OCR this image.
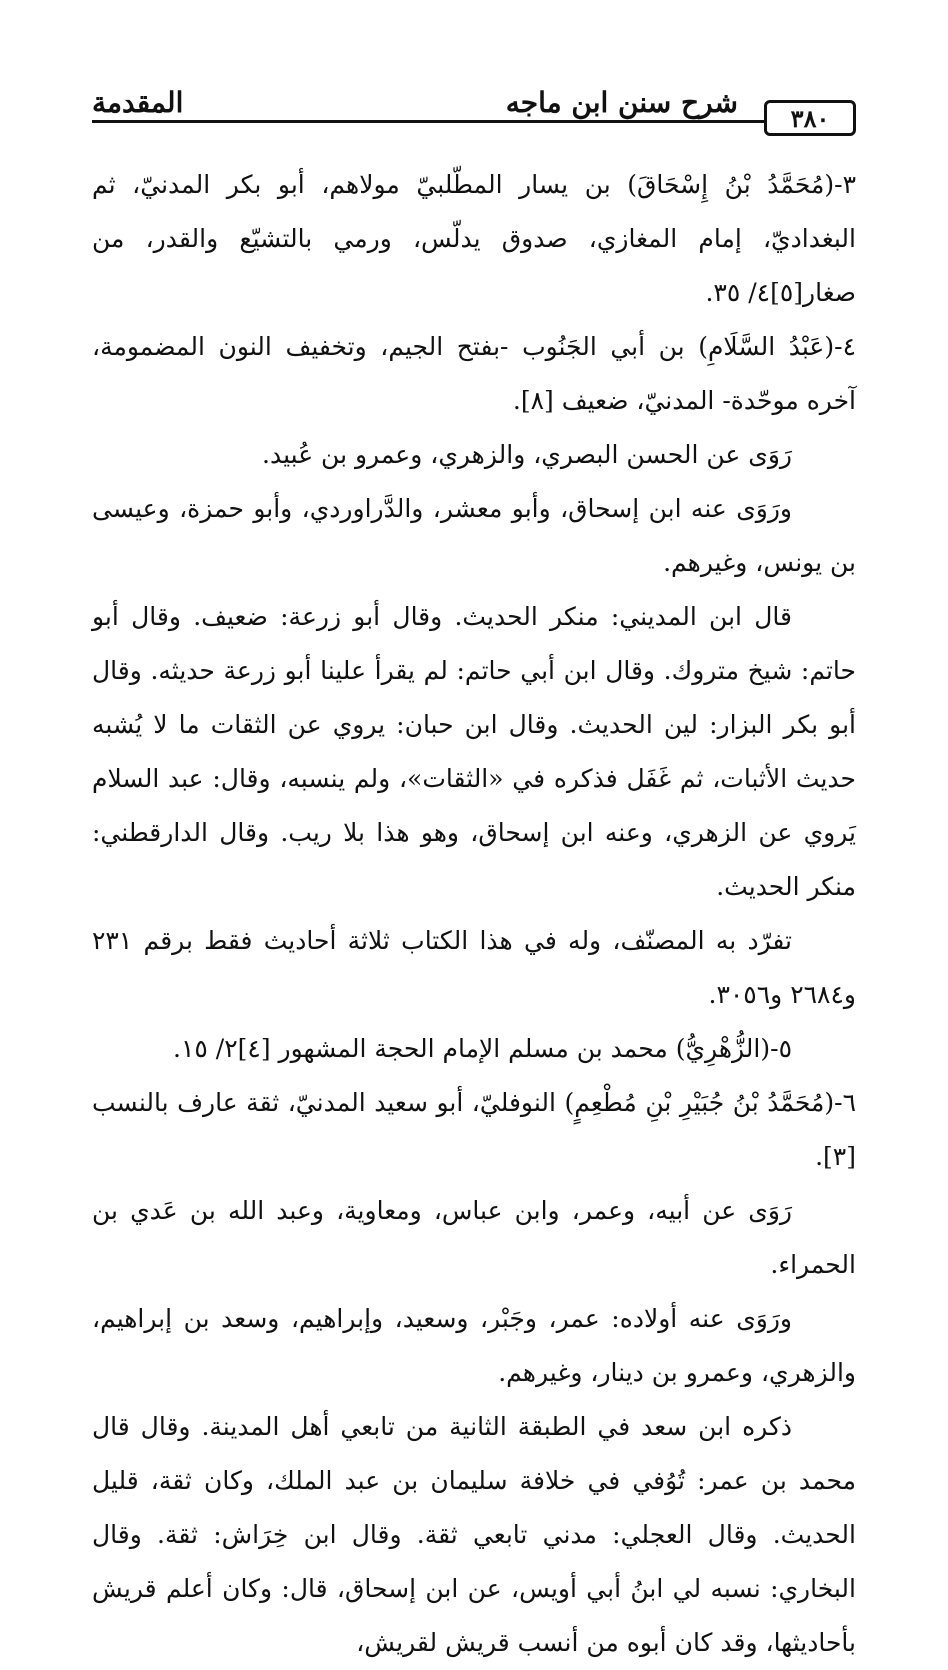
٣٨٠
شرح سنن ابن ماجه
المقدمة

٣-(مُحَمَّدُ بْنُ إِسْحَاقَ) بن يسار المطّلبيّ مولاهم، أبو بكر المدنيّ، ثم البغداديّ، إمام المغازي، صدوق يدلّس، ورمي بالتشيّع والقدر، من صغار[٥]٤/ ٣٥.

٤-(عَبْدُ السَّلَامِ) بن أبي الجَنُوب -بفتح الجيم، وتخفيف النون المضمومة، آخره موحّدة- المدنيّ، ضعيف [٨].

رَوَى عن الحسن البصري، والزهري، وعمرو بن عُبيد.

ورَوَى عنه ابن إسحاق، وأبو معشر، والدَّراوردي، وأبو حمزة، وعيسى بن يونس، وغيرهم.

قال ابن المديني: منكر الحديث. وقال أبو زرعة: ضعيف. وقال أبو حاتم: شيخ متروك. وقال ابن أبي حاتم: لم يقرأ علينا أبو زرعة حديثه. وقال أبو بكر البزار: لين الحديث. وقال ابن حبان: يروي عن الثقات ما لا يُشبه حديث الأثبات، ثم غَفَل فذكره في «الثقات»، ولم ينسبه، وقال: عبد السلام يَروي عن الزهري، وعنه ابن إسحاق، وهو هذا بلا ريب. وقال الدارقطني: منكر الحديث.

تفرّد به المصنّف، وله في هذا الكتاب ثلاثة أحاديث فقط برقم ٢٣١ و٢٦٨٤ و٣٠٥٦.

٥-(الزُّهْرِيُّ) محمد بن مسلم الإمام الحجة المشهور [٤]٢/ ١٥.

٦-(مُحَمَّدُ بْنُ جُبَيْرِ بْنِ مُطْعِمٍ) النوفليّ، أبو سعيد المدنيّ، ثقة عارف بالنسب [٣].

رَوَى عن أبيه، وعمر، وابن عباس، ومعاوية، وعبد الله بن عَدي بن الحمراء.

ورَوَى عنه أولاده: عمر، وجَبْر، وسعيد، وإبراهيم، وسعد بن إبراهيم، والزهري، وعمرو بن دينار، وغيرهم.

ذكره ابن سعد في الطبقة الثانية من تابعي أهل المدينة. وقال قال محمد بن عمر: تُوُفي في خلافة سليمان بن عبد الملك، وكان ثقة، قليل الحديث. وقال العجلي: مدني تابعي ثقة. وقال ابن خِرَاش: ثقة. وقال البخاري: نسبه لي ابنُ أبي أويس، عن ابن إسحاق، قال: وكان أعلم قريش بأحاديثها، وقد كان أبوه من أنسب قريش لقريش،
